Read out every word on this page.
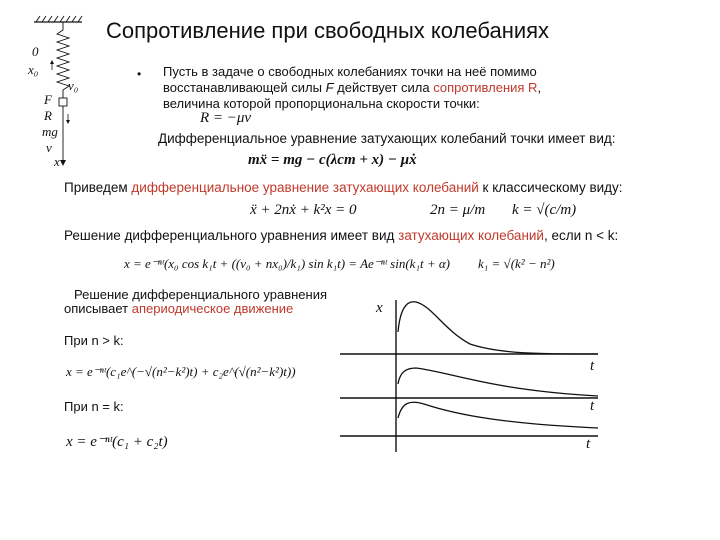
Сопротивление при свободных колебаниях
0
x₀
v₀
F
R
mg
v
x
• Пусть в задаче о свободных колебаниях точки на неё помимо
восстанавливающей силы F действует сила сопротивления R,
величина которой пропорциональна скорости точки:
R = −μv
Дифференциальное уравнение затухающих колебаний точки имеет вид:
mẍ = mg − c(λст + x) − μẋ
Приведем дифференциальное уравнение затухающих колебаний к классическому виду:
ẍ + 2nẋ + k²x = 0	2n = μ/m k = √(c/m)
Решение дифференциального уравнения имеет вид затухающих колебаний, если n < k:
x = e⁻ⁿᵗ(x₀ cos k₁t + ((v₀ + nx₀)/k₁) sin k₁t) = Ae⁻ⁿᵗ sin(k₁t + α) k₁ = √(k² − n²)
Решение дифференциального уравнения
описывает апериодическое движение
При n > k:
x = e⁻ⁿᵗ(c₁e^(−√(n²−k²)t) + c₂e^(√(n²−k²)t))
При n = k:
x = e⁻ⁿᵗ(c₁ + c₂t)
x
t
t
t
